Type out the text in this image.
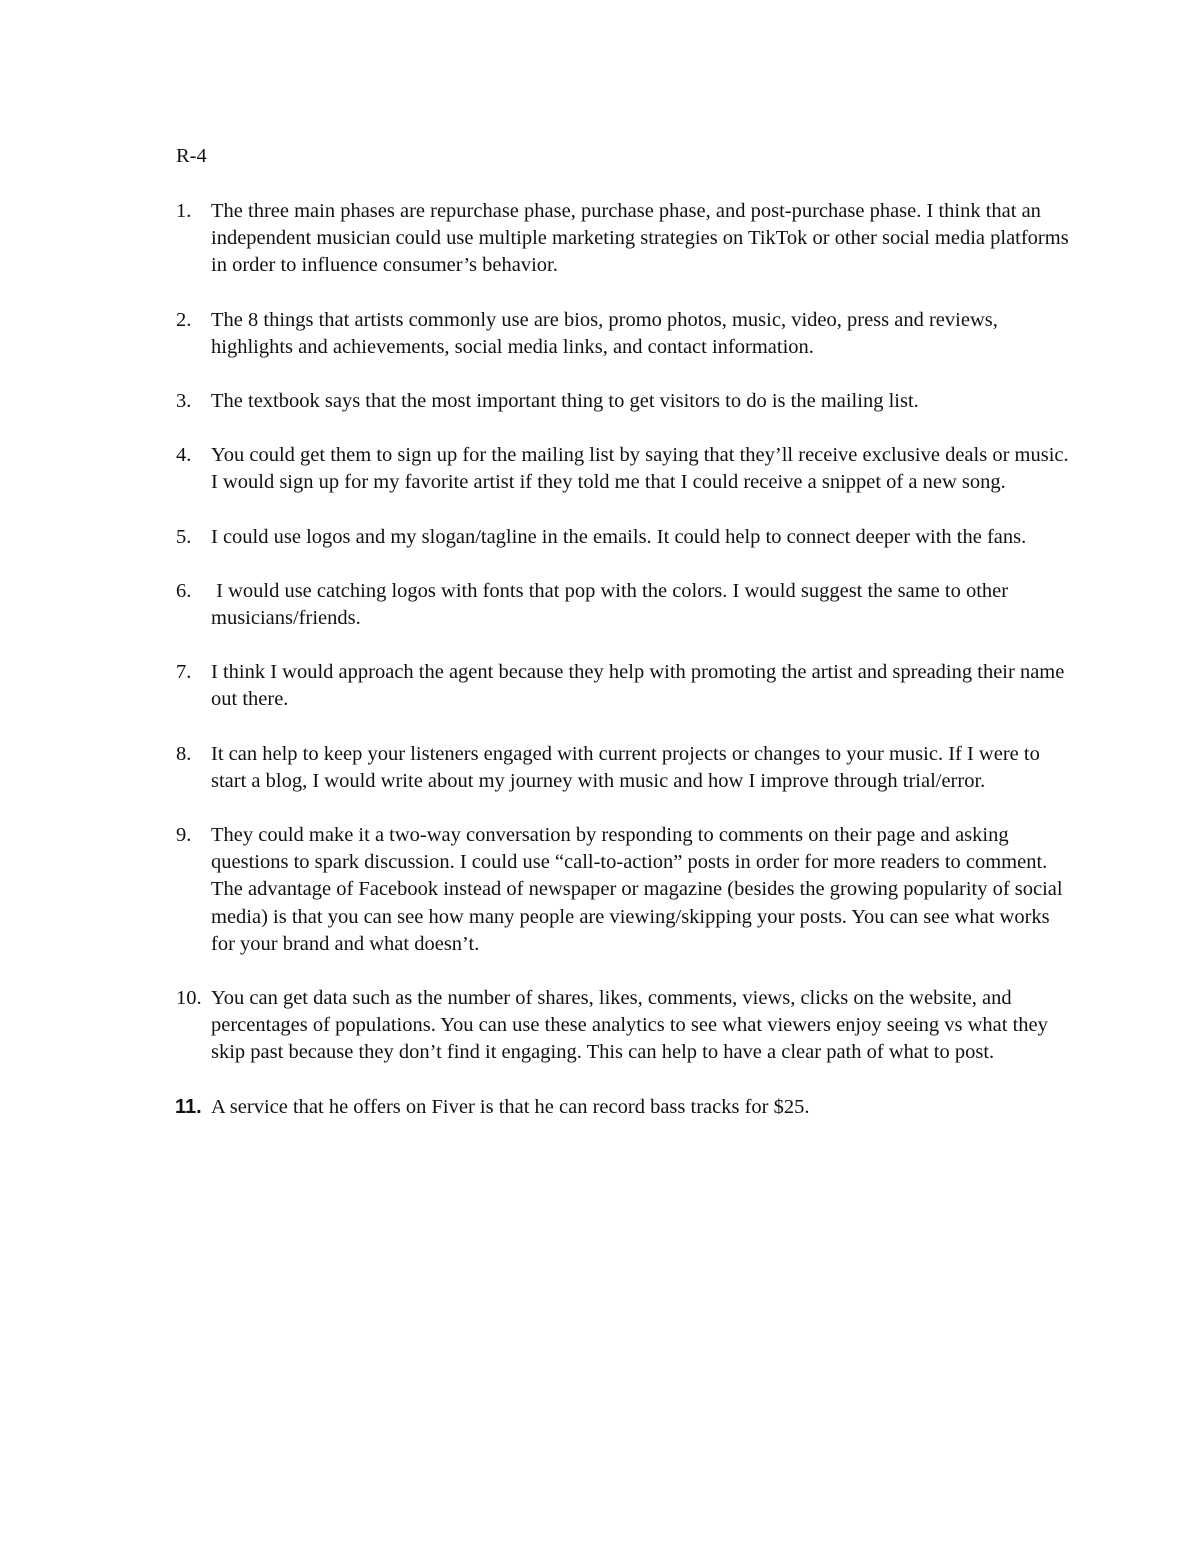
R-4

1. The three main phases are repurchase phase, purchase phase, and post-purchase phase. I think that an independent musician could use multiple marketing strategies on TikTok or other social media platforms in order to influence consumer’s behavior.
2. The 8 things that artists commonly use are bios, promo photos, music, video, press and reviews, highlights and achievements, social media links, and contact information.
3. The textbook says that the most important thing to get visitors to do is the mailing list.
4. You could get them to sign up for the mailing list by saying that they’ll receive exclusive deals or music. I would sign up for my favorite artist if they told me that I could receive a snippet of a new song.
5. I could use logos and my slogan/tagline in the emails. It could help to connect deeper with the fans.
6. I would use catching logos with fonts that pop with the colors. I would suggest the same to other musicians/friends.
7. I think I would approach the agent because they help with promoting the artist and spreading their name out there.
8. It can help to keep your listeners engaged with current projects or changes to your music. If I were to start a blog, I would write about my journey with music and how I improve through trial/error.
9. They could make it a two-way conversation by responding to comments on their page and asking questions to spark discussion. I could use “call-to-action” posts in order for more readers to comment. The advantage of Facebook instead of newspaper or magazine (besides the growing popularity of social media) is that you can see how many people are viewing/skipping your posts. You can see what works for your brand and what doesn’t.
10. You can get data such as the number of shares, likes, comments, views, clicks on the website, and percentages of populations. You can use these analytics to see what viewers enjoy seeing vs what they skip past because they don’t find it engaging. This can help to have a clear path of what to post.
11. A service that he offers on Fiver is that he can record bass tracks for $25.
